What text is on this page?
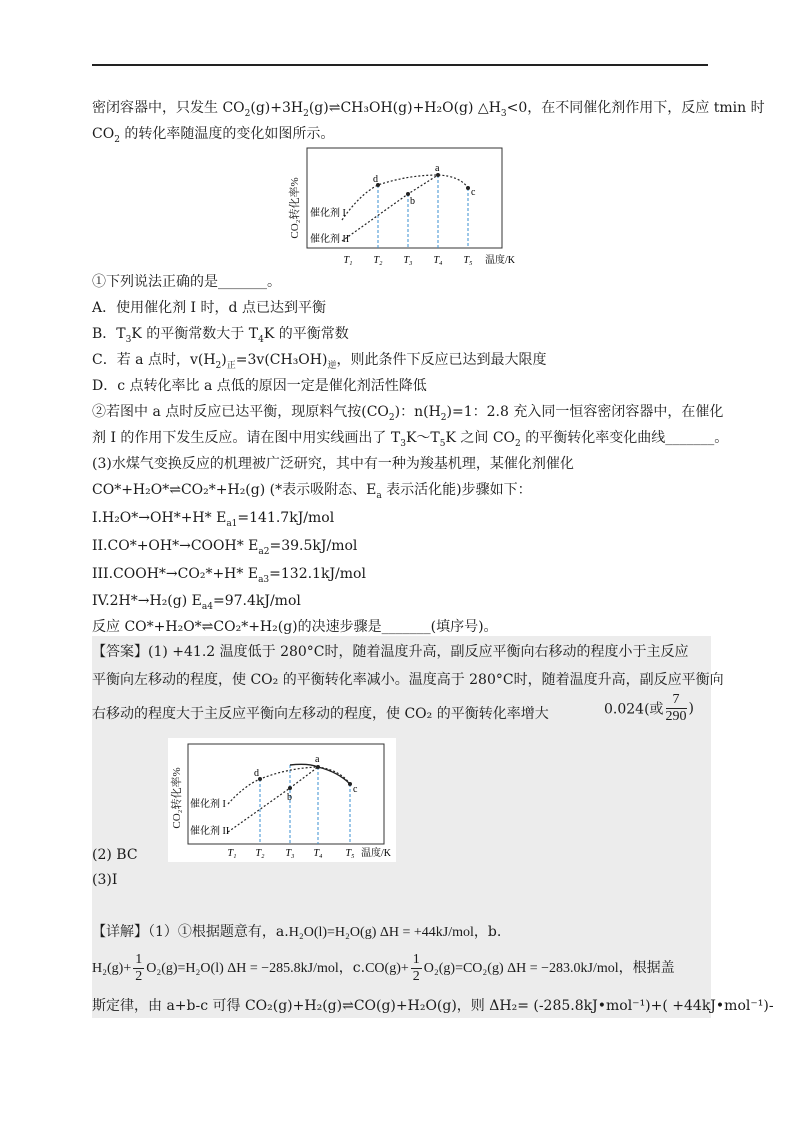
密闭容器中，只发生 $CO_2(g)+3H_2(g)\rightleftharpoons CH_3OH(g)+H_2O(g)$ $\triangle H_3<0$，在不同催化剂作用下，反应 tmin 时
$CO_2$ 的转化率随温度的变化如图所示。
CO₂转化率%	d
b
a
c
催化剂 I
催化剂 II
T₁ T₂ T₃ T₄ T₅ 温度/K
①下列说法正确的是_______。
A．使用催化剂 I 时，d 点已达到平衡
B．$T_3K$ 的平衡常数大于 $T_4K$ 的平衡常数
C．若 a 点时，$v(H_2)_正=3v(CH_3OH)_逆$，则此条件下反应已达到最大限度
D．c 点转化率比 a 点低的原因一定是催化剂活性降低
②若图中 a 点时反应已达平衡，现原料气按$(CO_2)$：$n(H_2)=1$：2.8 充入同一恒容密闭容器中，在催化
剂 I 的作用下发生反应。请在图中用实线画出了 $T_3K\sim T_5K$ 之间 $CO_2$ 的平衡转化率变化曲线_______。
(3)水煤气变换反应的机理被广泛研究，其中有一种为羧基机理，某催化剂催化
CO*+H₂O*⇌CO₂*+H₂(g) (*表示吸附态、$E_a$ 表示活化能)步骤如下：
I.H₂O*→OH*+H* $E_{a1}=141.7kJ$/mol
II.CO*+OH*→COOH* $E_{a2}=39.5kJ$/mol
III.COOH*→CO₂*+H* $E_{a3}=132.1kJ$/mol
IV.2H*→H₂(g) $E_{a4}=97.4kJ$/mol
反应 CO*+H₂O*⇌CO₂*+H₂(g)的决速步骤是_______(填序号)。
【答案】(1) +41.2 温度低于 280°C时，随着温度升高，副反应平衡向右移动的程度小于主反应
平衡向左移动的程度，使 CO₂ 的平衡转化率减小。温度高于 280°C时，随着温度升高，副反应平衡向
右移动的程度大于主反应平衡向左移动的程度，使 CO₂ 的平衡转化率增大	0.024(或 $\frac{7}{290}$ )
CO₂转化率%	d
b
a
c
催化剂 I
催化剂 II
T₁ T₂ T₃ T₄ T₅ 温度/K
(2) BC
(3)I
【详解】（1）①根据题意有，a.H₂O(l)=H₂O(g) ΔH = +44kJ/mol，b.
$H_2(g)+ \frac{1}{2} O_2(g)=H_2O(l) \Delta H = -285.8kJ/mol$，$c.CO(g)+ \frac{1}{2} O_2(g)=CO_2(g) \Delta H = -283.0kJ/mol$，根据盖
斯定律，由 a+b-c 可得 CO₂(g)+H₂(g)⇌CO(g)+H₂O(g)，则 ΔH₂= (-285.8kJ•mol⁻¹)+( +44kJ•mol⁻¹)-
